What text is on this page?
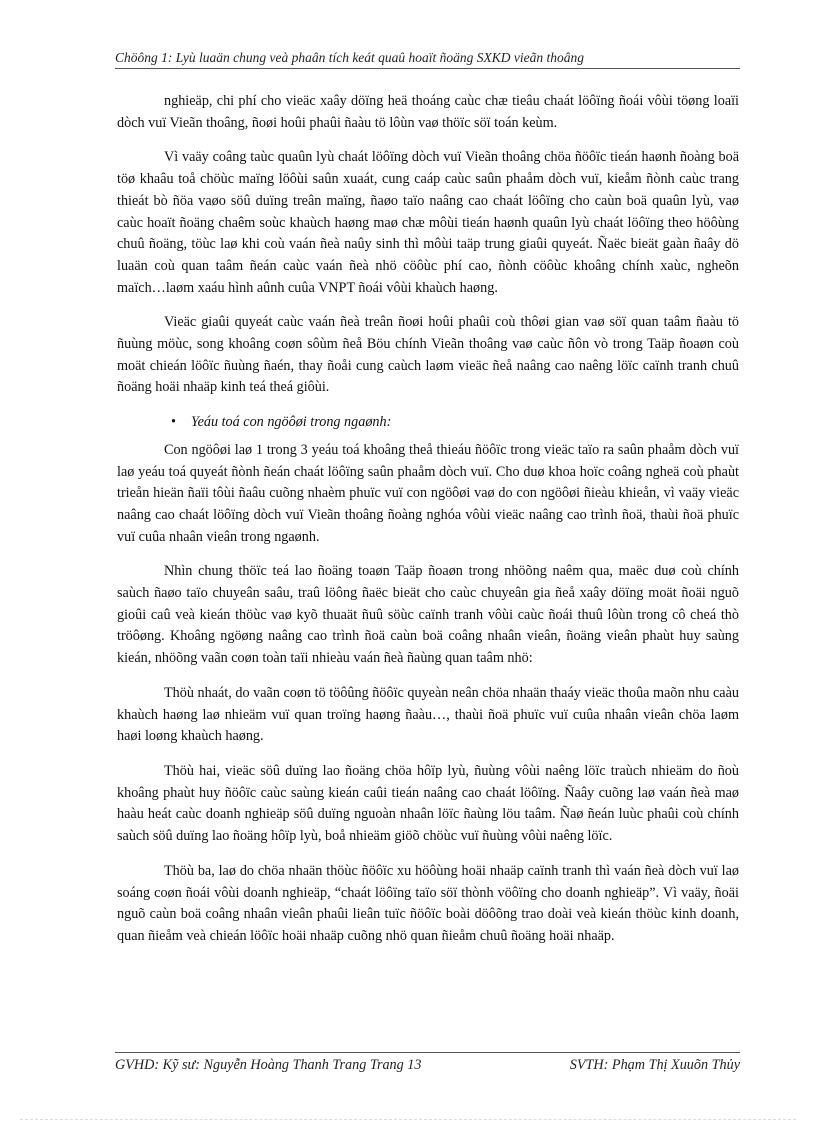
Chöông 1: Lyù luaän chung veà phaân tích keát quaû hoaït ñoäng SXKD vieãn thoâng

nghieäp, chi phí cho vieäc xaây döïng heä thoáng caùc chæ tieâu chaát löôïng ñoái vôùi töøng loaïi dòch vuï Vieãn thoâng, ñoøi hoûi phaûi ñaàu tö lôùn vaø thöïc söï toán keùm.

Vì vaäy coâng taùc quaûn lyù chaát löôïng dòch vuï Vieãn thoâng chöa ñöôïc tieán haønh ñoàng boä töø khaâu toå chöùc maïng löôùi saûn xuaát, cung caáp caùc saûn phaåm dòch vuï, kieåm ñònh caùc trang thieát bò ñöa vaøo söû duïng treân maïng, ñaøo taïo naâng cao chaát löôïng cho caùn boä quaûn lyù, vaø caùc hoaït ñoäng chaêm soùc khaùch haøng maø chæ môùi tieán haønh quaûn lyù chaát löôïng theo höôùng chuû ñoäng, töùc laø khi coù vaán ñeà naûy sinh thì môùi taäp trung giaûi quyeát. Ñaëc bieät gaàn ñaây dö luaän coù quan taâm ñeán caùc vaán ñeà nhö cöôùc phí cao, ñònh cöôùc khoâng chính xaùc, ngheõn maïch…laøm xaáu hình aûnh cuûa VNPT ñoái vôùi khaùch haøng.

Vieäc giaûi quyeát caùc vaán ñeà treân ñoøi hoûi phaûi coù thôøi gian vaø söï quan taâm ñaàu tö ñuùng möùc, song khoâng coøn sôùm ñeå Böu chính Vieãn thoâng vaø caùc ñôn vò trong Taäp ñoaøn coù moät chieán löôïc ñuùng ñaén, thay ñoåi cung caùch laøm vieäc ñeå naâng cao naêng löïc caïnh tranh chuû ñoäng hoäi nhaäp kinh teá theá giôùi.

• Yeáu toá con ngöôøi trong ngaønh:

Con ngöôøi laø 1 trong 3 yeáu toá khoâng theå thieáu ñöôïc trong vieäc taïo ra saûn phaåm dòch vuï laø yeáu toá quyeát ñònh ñeán chaát löôïng saûn phaåm dòch vuï. Cho duø khoa hoïc coâng ngheä coù phaùt trieån hieän ñaïi tôùi ñaâu cuõng nhaèm phuïc vuï con ngöôøi vaø do con ngöôøi ñieàu khieån, vì vaäy vieäc naâng cao chaát löôïng dòch vuï Vieãn thoâng ñoàng nghóa vôùi vieäc naâng cao trình ñoä, thaùi ñoä phuïc vuï cuûa nhaân vieân trong ngaønh.

Nhìn chung thöïc teá lao ñoäng toaøn Taäp ñoaøn trong nhöõng naêm qua, maëc duø coù chính saùch ñaøo taïo chuyeân saâu, traû löông ñaëc bieät cho caùc chuyeân gia ñeå xaây döïng moät ñoäi nguõ gioûi caû veà kieán thöùc vaø kyõ thuaät ñuû söùc caïnh tranh vôùi caùc ñoái thuû lôùn trong cô cheá thò tröôøng. Khoâng ngöøng naâng cao trình ñoä caùn boä coâng nhaân vieân, ñoäng vieân phaùt huy saùng kieán, nhöõng vaãn coøn toàn taïi nhieàu vaán ñeà ñaùng quan taâm nhö:

Thöù nhaát, do vaãn coøn tö töôûng ñöôïc quyeàn neân chöa nhaän thaáy vieäc thoûa maõn nhu caàu khaùch haøng laø nhieäm vuï quan troïng haøng ñaàu…, thaùi ñoä phuïc vuï cuûa nhaân vieân chöa laøm haøi loøng khaùch haøng.

Thöù hai, vieäc söû duïng lao ñoäng chöa hôïp lyù, ñuùng vôùi naêng löïc traùch nhieäm do ñoù khoâng phaùt huy ñöôïc caùc saùng kieán caûi tieán naâng cao chaát löôïng. Ñaây cuõng laø vaán ñeà maø haàu heát caùc doanh nghieäp söû duïng nguoàn nhaân löïc ñaùng löu taâm. Ñaø ñeán luùc phaûi coù chính saùch söû duïng lao ñoäng hôïp lyù, boå nhieäm giöõ chöùc vuï ñuùng vôùi naêng löïc.

Thöù ba, laø do chöa nhaän thöùc ñöôïc xu höôùng hoäi nhaäp caïnh tranh thì vaán ñeà dòch vuï laø soáng coøn ñoái vôùi doanh nghieäp, “chaát löôïng taïo söï thònh vöôïng cho doanh nghieäp”. Vì vaäy, ñoäi nguõ caùn boä coâng nhaân vieân phaûi lieân tuïc ñöôïc boài döôõng trao doài veà kieán thöùc kinh doanh, quan ñieåm veà chieán löôïc hoäi nhaäp cuõng nhö quan ñieåm chuû ñoäng hoäi nhaäp.

GVHD: Kỹ sư: Nguyễn Hoàng Thanh Trang Trang 13	SVTH: Phạm Thị Xuuõn Thủy
